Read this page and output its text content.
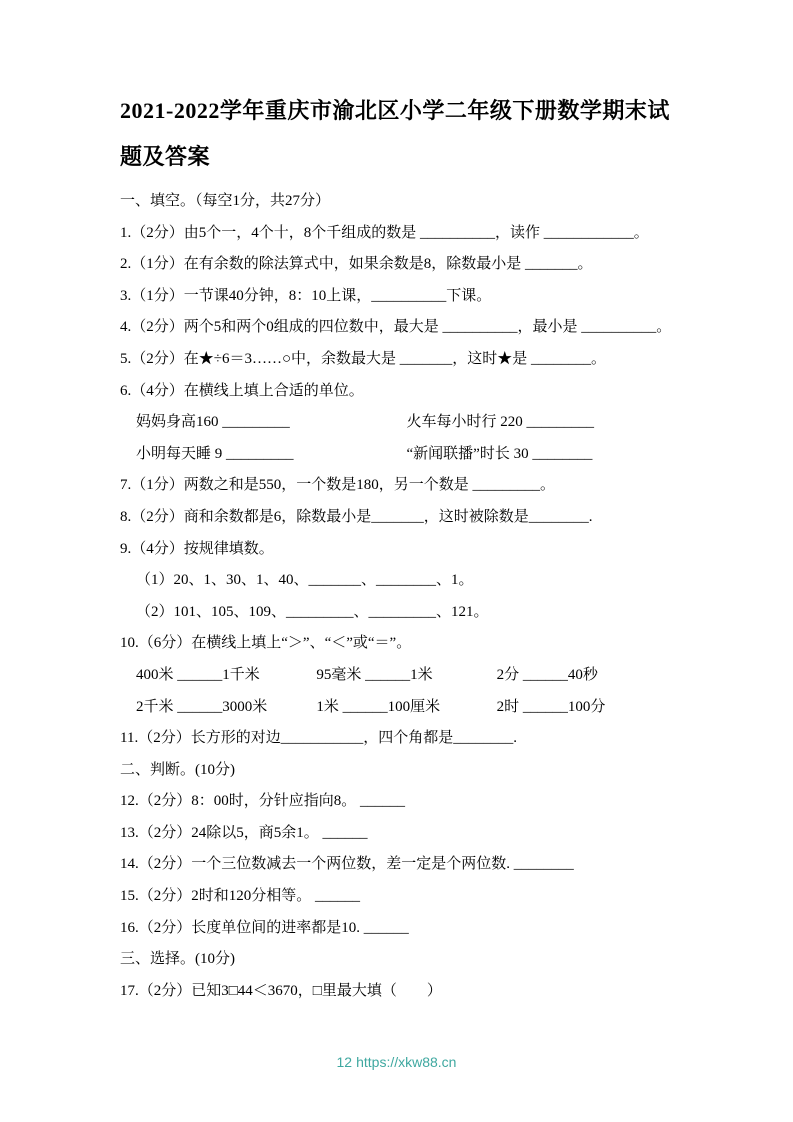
2021-2022学年重庆市渝北区小学二年级下册数学期末试题及答案
一、填空。（每空1分，共27分）
1.（2分）由5个一，4个十，8个千组成的数是 __________，读作 ____________。
2.（1分）在有余数的除法算式中，如果余数是8，除数最小是 _______。
3.（1分）一节课40分钟，8：10上课，__________下课。
4.（2分）两个5和两个0组成的四位数中，最大是 __________，最小是 __________。
5.（2分）在★÷6＝3……○中，余数最大是 _______，这时★是 ________。
6.（4分）在横线上填上合适的单位。
妈妈身高160 _________	火车每小时行 220 _________
小明每天睡 9 _________	“新闻联播”时长 30 ________
7.（1分）两数之和是550，一个数是180，另一个数是 _________。
8.（2分）商和余数都是6，除数最小是_______，这时被除数是________.
9.（4分）按规律填数。
（1）20、1、30、1、40、_______、________、1。
（2）101、105、109、_________、_________、121。
10.（6分）在横线上填上“＞”、“＜”或“＝”。
400米 ______1千米	95毫米 ______1米	2分 ______40秒
2千米 ______3000米	1米 ______100厘米	2时 ______100分
11.（2分）长方形的对边___________，四个角都是________.
二、判断。(10分)
12.（2分）8：00时，分针应指向8。 ______
13.（2分）24除以5，商5余1。 ______
14.（2分）一个三位数减去一个两位数，差一定是个两位数. ________
15.（2分）2时和120分相等。 ______
16.（2分）长度单位间的进率都是10. ______
三、选择。(10分)
17.（2分）已知3□44＜3670，□里最大填（　　）
12 https://xkw88.cn
